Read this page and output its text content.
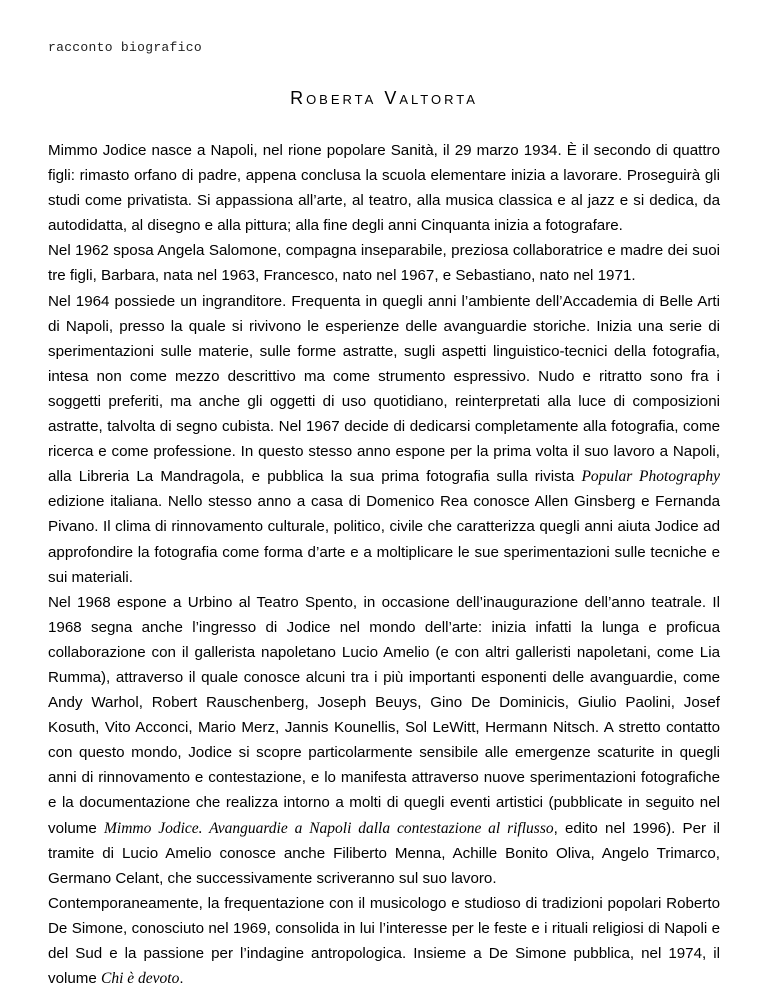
racconto biografico
ROBERTA VALTORTA

Mimmo Jodice nasce a Napoli, nel rione popolare Sanità, il 29 marzo 1934. È il secondo di quattro figli: rimasto orfano di padre, appena conclusa la scuola elementare inizia a lavorare. Proseguirà gli studi come privatista. Si appassiona all’arte, al teatro, alla musica classica e al jazz e si dedica, da autodidatta, al disegno e alla pittura; alla fine degli anni Cinquanta inizia a fotografare.

Nel 1962 sposa Angela Salomone, compagna inseparabile, preziosa collaboratrice e madre dei suoi tre figli, Barbara, nata nel 1963, Francesco, nato nel 1967, e Sebastiano, nato nel 1971.

Nel 1964 possiede un ingranditore. Frequenta in quegli anni l’ambiente dell’Accademia di Belle Arti di Napoli, presso la quale si rivivono le esperienze delle avanguardie storiche. Inizia una serie di sperimentazioni sulle materie, sulle forme astratte, sugli aspetti linguistico-tecnici della fotografia, intesa non come mezzo descrittivo ma come strumento espressivo. Nudo e ritratto sono fra i soggetti preferiti, ma anche gli oggetti di uso quotidiano, reinterpretati alla luce di composizioni astratte, talvolta di segno cubista. Nel 1967 decide di dedicarsi completamente alla fotografia, come ricerca e come professione. In questo stesso anno espone per la prima volta il suo lavoro a Napoli, alla Libreria La Mandragola, e pubblica la sua prima fotografia sulla rivista Popular Photography edizione italiana. Nello stesso anno a casa di Domenico Rea conosce Allen Ginsberg e Fernanda Pivano. Il clima di rinnovamento culturale, politico, civile che caratterizza quegli anni aiuta Jodice ad approfondire la fotografia come forma d’arte e a moltiplicare le sue sperimentazioni sulle tecniche e sui materiali.

Nel 1968 espone a Urbino al Teatro Spento, in occasione dell’inaugurazione dell’anno teatrale. Il 1968 segna anche l’ingresso di Jodice nel mondo dell’arte: inizia infatti la lunga e proficua collaborazione con il gallerista napoletano Lucio Amelio (e con altri galleristi napoletani, come Lia Rumma), attraverso il quale conosce alcuni tra i più importanti esponenti delle avanguardie, come Andy Warhol, Robert Rauschenberg, Joseph Beuys, Gino De Dominicis, Giulio Paolini, Josef Kosuth, Vito Acconci, Mario Merz, Jannis Kounellis, Sol LeWitt, Hermann Nitsch. A stretto contatto con questo mondo, Jodice si scopre particolarmente sensibile alle emergenze scaturite in quegli anni di rinnovamento e contestazione, e lo manifesta attraverso nuove sperimentazioni fotografiche e la documentazione che realizza intorno a molti di quegli eventi artistici (pubblicate in seguito nel volume Mimmo Jodice. Avanguardie a Napoli dalla contestazione al riflusso, edito nel 1996). Per il tramite di Lucio Amelio conosce anche Filiberto Menna, Achille Bonito Oliva, Angelo Trimarco, Germano Celant, che successivamente scriveranno sul suo lavoro.

Contemporaneamente, la frequentazione con il musicologo e studioso di tradizioni popolari Roberto De Simone, conosciuto nel 1969, consolida in lui l’interesse per le feste e i rituali religiosi di Napoli e del Sud e la passione per l’indagine antropologica. Insieme a De Simone pubblica, nel 1974, il volume Chi è devoto.
